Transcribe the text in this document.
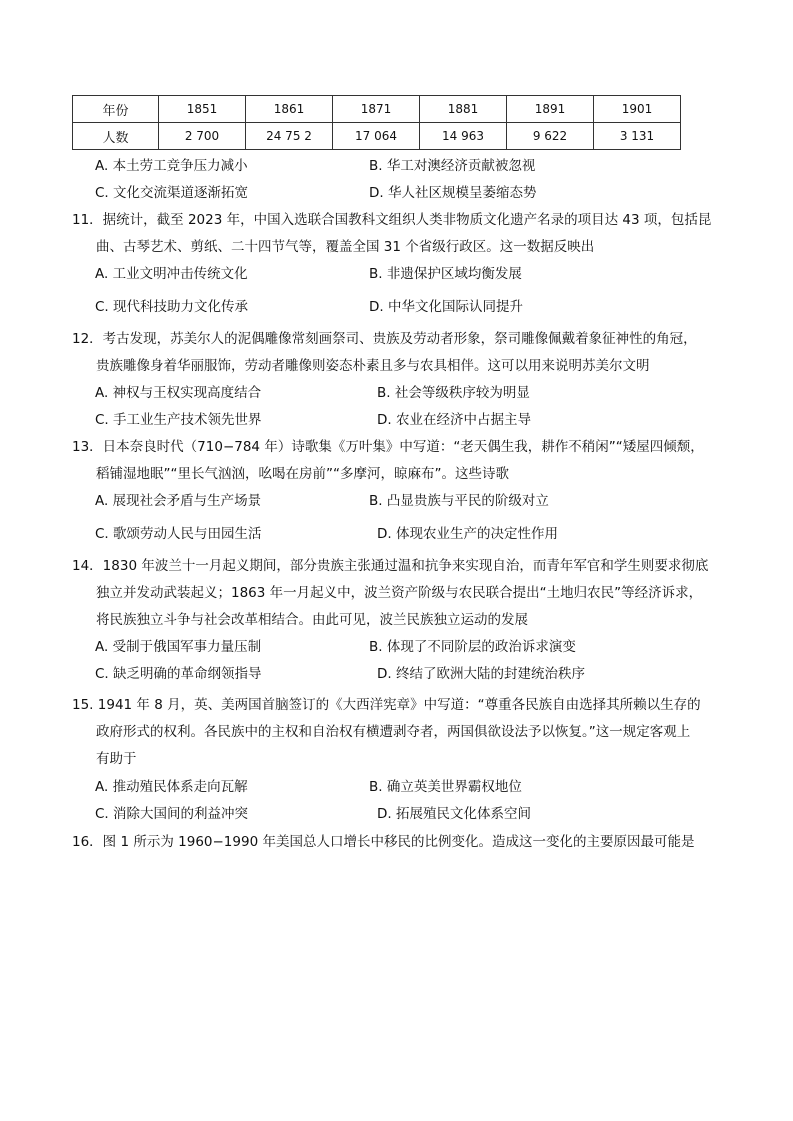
年份	1851	1861	1871	1881	1891	1901
人数	2 700	24 75 2	17 064	14 963	9 622	3 131
A. 本土劳工竞争压力减小	B. 华工对澳经济贡献被忽视
C. 文化交流渠道逐渐拓宽	D. 华人社区规模呈萎缩态势

11．据统计，截至 2023 年，中国入选联合国教科文组织人类非物质文化遗产名录的项目达 43 项，包括昆

曲、古琴艺术、剪纸、二十四节气等，覆盖全国 31 个省级行政区。这一数据反映出

A. 工业文明冲击传统文化	B. 非遗保护区域均衡发展
C. 现代科技助力文化传承	D. 中华文化国际认同提升

12．考古发现，苏美尔人的泥偶雕像常刻画祭司、贵族及劳动者形象，祭司雕像佩戴着象征神性的角冠，

贵族雕像身着华丽服饰，劳动者雕像则姿态朴素且多与农具相伴。这可以用来说明苏美尔文明

A. 神权与王权实现高度结合	B. 社会等级秩序较为明显
C. 手工业生产技术领先世界	D. 农业在经济中占据主导

13．日本奈良时代（710−784 年）诗歌集《万叶集》中写道：“老天偶生我，耕作不稍闲”“矮屋四倾颓，

稻铺湿地眠”“里长气汹汹，吆喝在房前”“多摩河，晾麻布”。这些诗歌

A. 展现社会矛盾与生产场景	B. 凸显贵族与平民的阶级对立
C. 歌颂劳动人民与田园生活	D. 体现农业生产的决定性作用

14．1830 年波兰十一月起义期间，部分贵族主张通过温和抗争来实现自治，而青年军官和学生则要求彻底

独立并发动武装起义；1863 年一月起义中，波兰资产阶级与农民联合提出“土地归农民”等经济诉求，

将民族独立斗争与社会改革相结合。由此可见，波兰民族独立运动的发展

A. 受制于俄国军事力量压制	B. 体现了不同阶层的政治诉求演变
C. 缺乏明确的革命纲领指导	D. 终结了欧洲大陆的封建统治秩序

15. 1941 年 8 月，英、美两国首脑签订的《大西洋宪章》中写道：“尊重各民族自由选择其所赖以生存的

政府形式的权利。各民族中的主权和自治权有横遭剥夺者，两国俱欲设法予以恢复。”这一规定客观上

有助于

A. 推动殖民体系走向瓦解	B. 确立英美世界霸权地位
C. 消除大国间的利益冲突	D. 拓展殖民文化体系空间

16．图 1 所示为 1960−1990 年美国总人口增长中移民的比例变化。造成这一变化的主要原因最可能是
